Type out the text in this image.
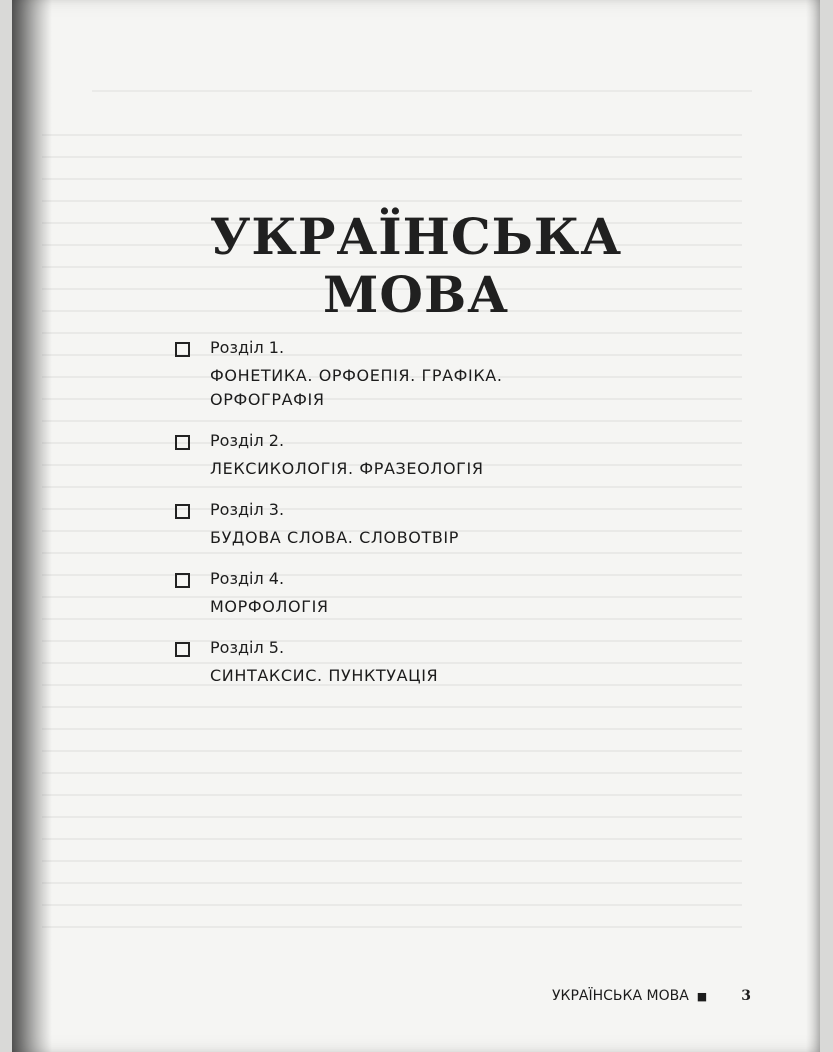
УКРАЇНСЬКА
МОВА
Розділ 1.
ФОНЕТИКА. ОРФОЕПІЯ. ГРАФІКА.
ОРФОГРАФІЯ
Розділ 2.
ЛЕКСИКОЛОГІЯ. ФРАЗЕОЛОГІЯ
Розділ 3.
БУДОВА СЛОВА. СЛОВОТВІР
Розділ 4.
МОРФОЛОГІЯ
Розділ 5.
СИНТАКСИС. ПУНКТУАЦІЯ
УКРАЇНСЬКА МОВА ■ 3
